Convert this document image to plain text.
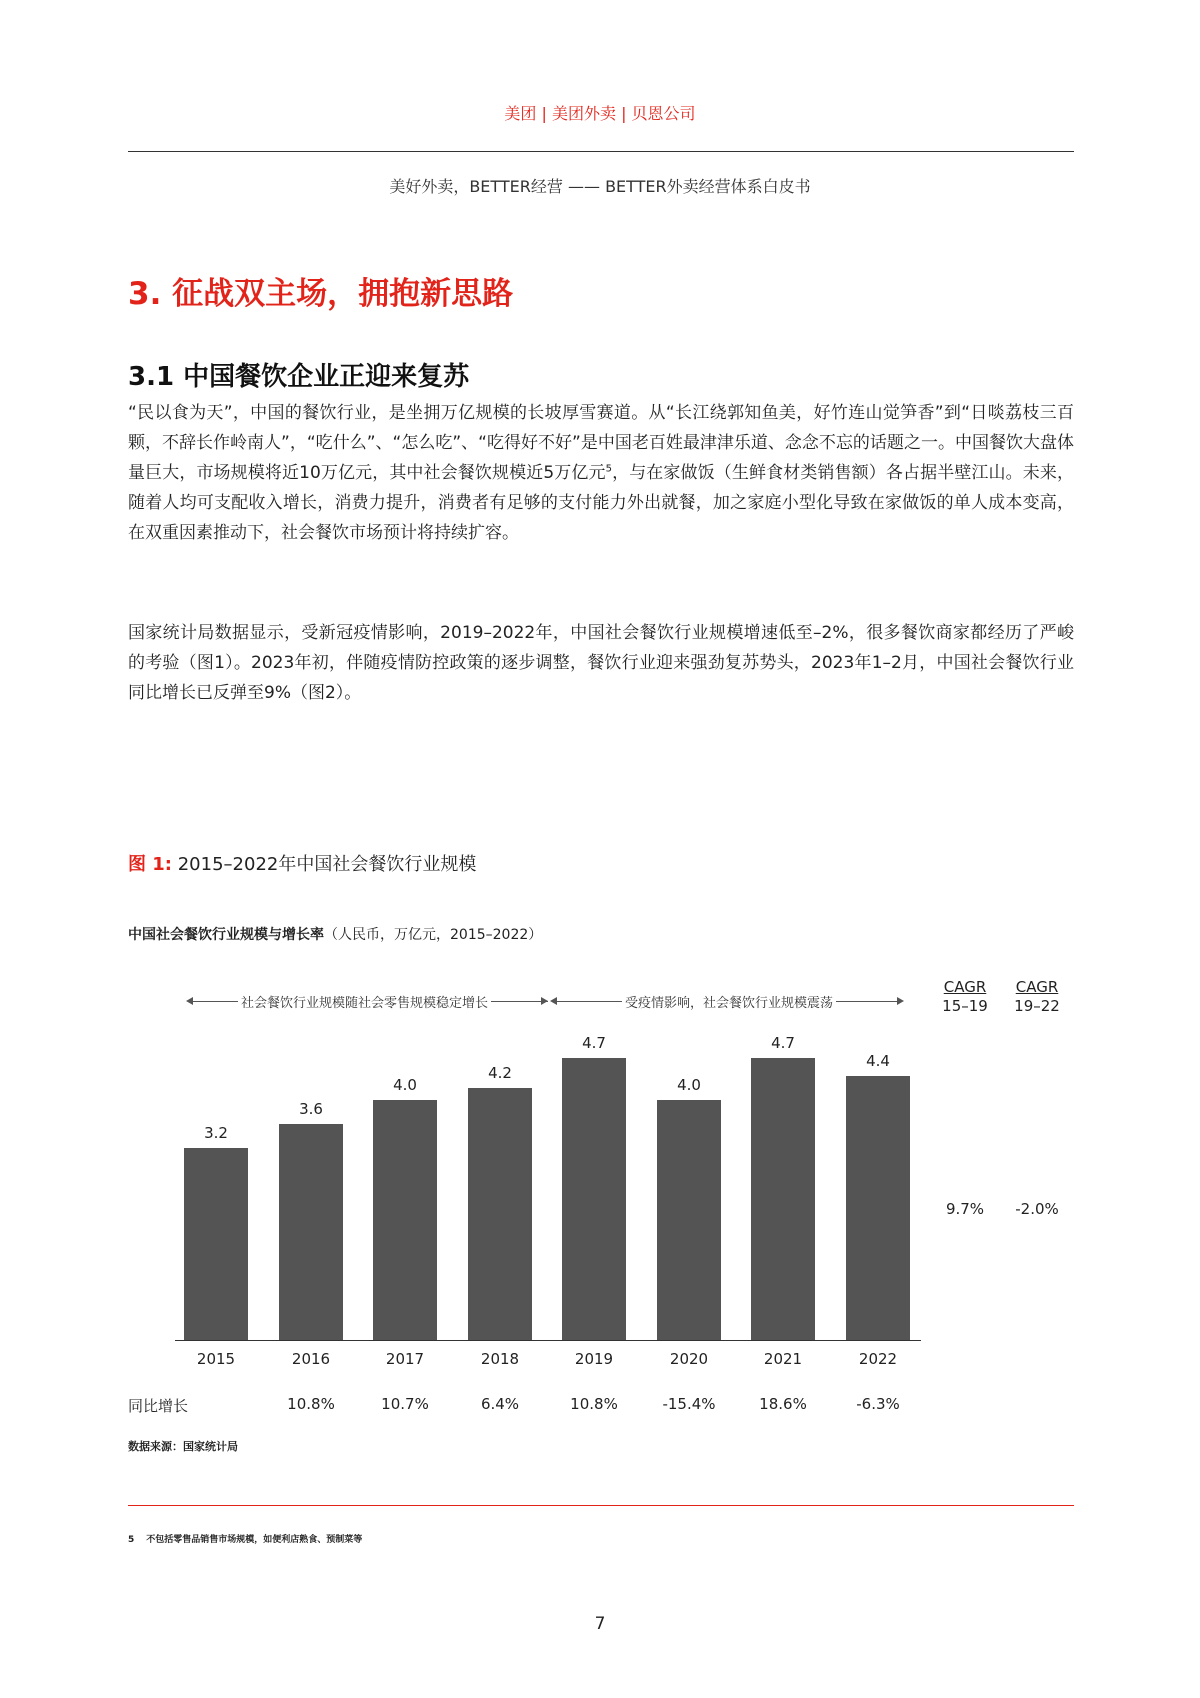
美团 | 美团外卖 | 贝恩公司
美好外卖，BETTER经营 —— BETTER外卖经营体系白皮书
3. 征战双主场，拥抱新思路
3.1 中国餐饮企业正迎来复苏

“民以食为天”，中国的餐饮行业，是坐拥万亿规模的长坡厚雪赛道。从“长江绕郭知鱼美，好竹连山觉笋香”到“日啖荔枝三百颗，不辞长作岭南人”，“吃什么”、“怎么吃”、“吃得好不好”是中国老百姓最津津乐道、念念不忘的话题之一。中国餐饮大盘体量巨大，市场规模将近10万亿元，其中社会餐饮规模近5万亿元$^5$，与在家做饭（生鲜食材类销售额）各占据半壁江山。未来，随着人均可支配收入增长，消费力提升，消费者有足够的支付能力外出就餐，加之家庭小型化导致在家做饭的单人成本变高，在双重因素推动下，社会餐饮市场预计将持续扩容。

国家统计局数据显示，受新冠疫情影响，2019–2022年，中国社会餐饮行业规模增速低至–2%，很多餐饮商家都经历了严峻的考验（图1）。2023年初，伴随疫情防控政策的逐步调整，餐饮行业迎来强劲复苏势头，2023年1–2月，中国社会餐饮行业同比增长已反弹至9%（图2）。

图 1: 2015–2022年中国社会餐饮行业规模
中国社会餐饮行业规模与增长率（人民币，万亿元，2015–2022）
社会餐饮行业规模随社会零售规模稳定增长	受疫情影响，社会餐饮行业规模震荡
CAGR
15–19
CAGR
19–22
9.7%	-2.0%
3.2
2015
3.6
2016
10.8%
4.0
2017
10.7%
4.2
2018
6.4%
4.7
2019
10.8%
4.0
2020
-15.4%
4.7
2021
18.6%
4.4
2022
-6.3%
同比增长
数据来源：国家统计局
5 不包括零售品销售市场规模，如便利店熟食、预制菜等
7
